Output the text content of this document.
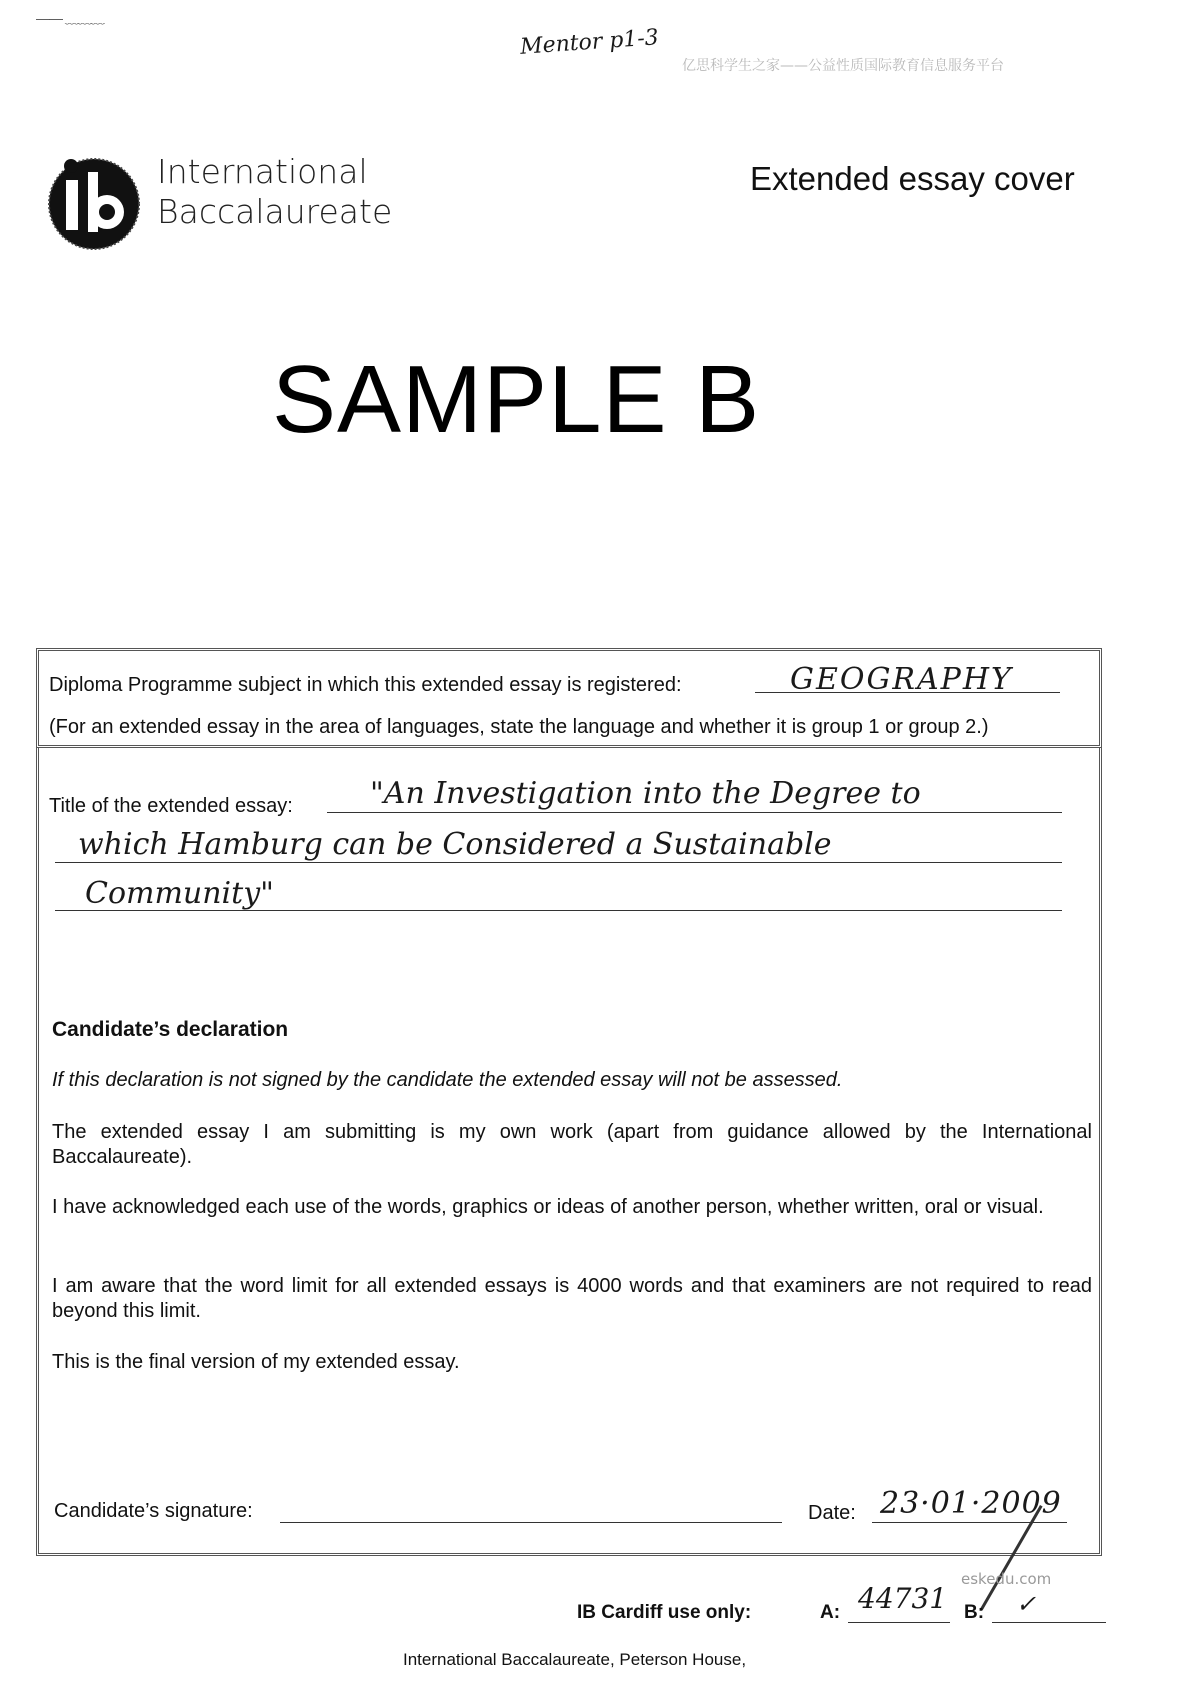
—— ﹏﹏﹏
Mentor p1-3
亿思科学生之家——公益性质国际教育信息服务平台
International
Baccalaureate
Extended essay cover
SAMPLE B
Diploma Programme subject in which this extended essay is registered:	GEOGRAPHY
(For an extended essay in the area of languages, state the language and whether it is group 1 or group 2.)
Title of the extended essay:	"An Investigation into the Degree to
which Hamburg can be Considered a Sustainable
Community"
Candidate’s declaration
If this declaration is not signed by the candidate the extended essay will not be assessed.
The extended essay I am submitting is my own work (apart from guidance allowed by the International Baccalaureate).
I have acknowledged each use of the words, graphics or ideas of another person, whether written, oral or visual.
I am aware that the word limit for all extended essays is 4000 words and that examiners are not required to read beyond this limit.
This is the final version of my extended essay.
Candidate’s signature:	Date: 23·01·2009
eskedu.com
IB Cardiff use only:	A: 44731 B: ✓
International Baccalaureate, Peterson House,
